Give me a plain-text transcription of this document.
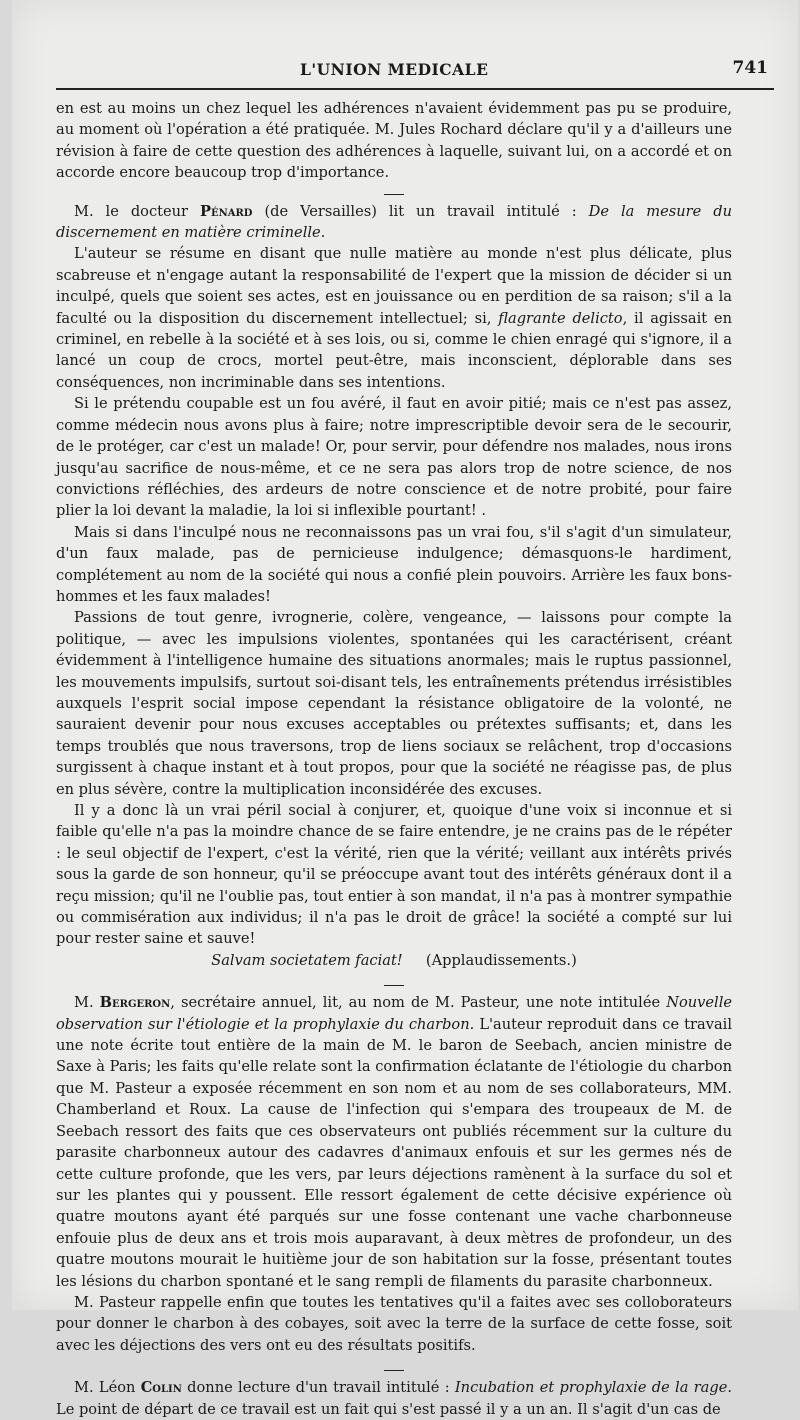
L'UNION MEDICALE	741

en est au moins un chez lequel les adhérences n'avaient évidemment pas pu se produire, au moment où l'opération a été pratiquée. M. Jules Rochard déclare qu'il y a d'ailleurs une révision à faire de cette question des adhérences à laquelle, suivant lui, on a accordé et on accorde encore beaucoup trop d'importance.

M. le docteur Pénard (de Versailles) lit un travail intitulé : De la mesure du discernement en matière criminelle.

L'auteur se résume en disant que nulle matière au monde n'est plus délicate, plus scabreuse et n'engage autant la responsabilité de l'expert que la mission de décider si un inculpé, quels que soient ses actes, est en jouissance ou en perdition de sa raison; s'il a la faculté ou la disposition du discernement intellectuel; si, flagrante delicto, il agissait en criminel, en rebelle à la société et à ses lois, ou si, comme le chien enragé qui s'ignore, il a lancé un coup de crocs, mortel peut-être, mais inconscient, déplorable dans ses conséquences, non incriminable dans ses intentions.

Si le prétendu coupable est un fou avéré, il faut en avoir pitié; mais ce n'est pas assez, comme médecin nous avons plus à faire; notre imprescriptible devoir sera de le secourir, de le protéger, car c'est un malade! Or, pour servir, pour défendre nos malades, nous irons jusqu'au sacrifice de nous-même, et ce ne sera pas alors trop de notre science, de nos convictions réfléchies, des ardeurs de notre conscience et de notre probité, pour faire plier la loi devant la maladie, la loi si inflexible pourtant! .

Mais si dans l'inculpé nous ne reconnaissons pas un vrai fou, s'il s'agit d'un simulateur, d'un faux malade, pas de pernicieuse indulgence; démasquons-le hardiment, complétement au nom de la société qui nous a confié plein pouvoirs. Arrière les faux bons-hommes et les faux malades!

Passions de tout genre, ivrognerie, colère, vengeance, — laissons pour compte la politique, — avec les impulsions violentes, spontanées qui les caractérisent, créant évidemment à l'intelligence humaine des situations anormales; mais le ruptus passionnel, les mouvements impulsifs, surtout soi-disant tels, les entraînements prétendus irrésistibles auxquels l'esprit social impose cependant la résistance obligatoire de la volonté, ne sauraient devenir pour nous excuses acceptables ou prétextes suffisants; et, dans les temps troublés que nous traversons, trop de liens sociaux se relâchent, trop d'occasions surgissent à chaque instant et à tout propos, pour que la société ne réagisse pas, de plus en plus sévère, contre la multiplication inconsidérée des excuses.

Il y a donc là un vrai péril social à conjurer, et, quoique d'une voix si inconnue et si faible qu'elle n'a pas la moindre chance de se faire entendre, je ne crains pas de le répéter : le seul objectif de l'expert, c'est la vérité, rien que la vérité; veillant aux intérêts privés sous la garde de son honneur, qu'il se préoccupe avant tout des intérêts généraux dont il a reçu mission; qu'il ne l'oublie pas, tout entier à son mandat, il n'a pas à montrer sympathie ou commisération aux individus; il n'a pas le droit de grâce! la société a compté sur lui pour rester saine et sauve!

Salvam societatem faciat! (Applaudissements.)

M. Bergeron, secrétaire annuel, lit, au nom de M. Pasteur, une note intitulée Nouvelle observation sur l'étiologie et la prophylaxie du charbon. L'auteur reproduit dans ce travail une note écrite tout entière de la main de M. le baron de Seebach, ancien ministre de Saxe à Paris; les faits qu'elle relate sont la confirmation éclatante de l'étiologie du charbon que M. Pasteur a exposée récemment en son nom et au nom de ses collaborateurs, MM. Chamberland et Roux. La cause de l'infection qui s'empara des troupeaux de M. de Seebach ressort des faits que ces observateurs ont publiés récemment sur la culture du parasite charbonneux autour des cadavres d'animaux enfouis et sur les germes nés de cette culture profonde, que les vers, par leurs déjections ramènent à la surface du sol et sur les plantes qui y poussent. Elle ressort également de cette décisive expérience où quatre moutons ayant été parqués sur une fosse contenant une vache charbonneuse enfouie plus de deux ans et trois mois auparavant, à deux mètres de profondeur, un des quatre moutons mourait le huitième jour de son habitation sur la fosse, présentant toutes les lésions du charbon spontané et le sang rempli de filaments du parasite charbonneux.

M. Pasteur rappelle enfin que toutes les tentatives qu'il a faites avec ses colloborateurs pour donner le charbon à des cobayes, soit avec la terre de la surface de cette fosse, soit avec les déjections des vers ont eu des résultats positifs.

M. Léon Colin donne lecture d'un travail intitulé : Incubation et prophylaxie de la rage. Le point de départ de ce travail est un fait qui s'est passé il y a un an. Il s'agit d'un cas de
